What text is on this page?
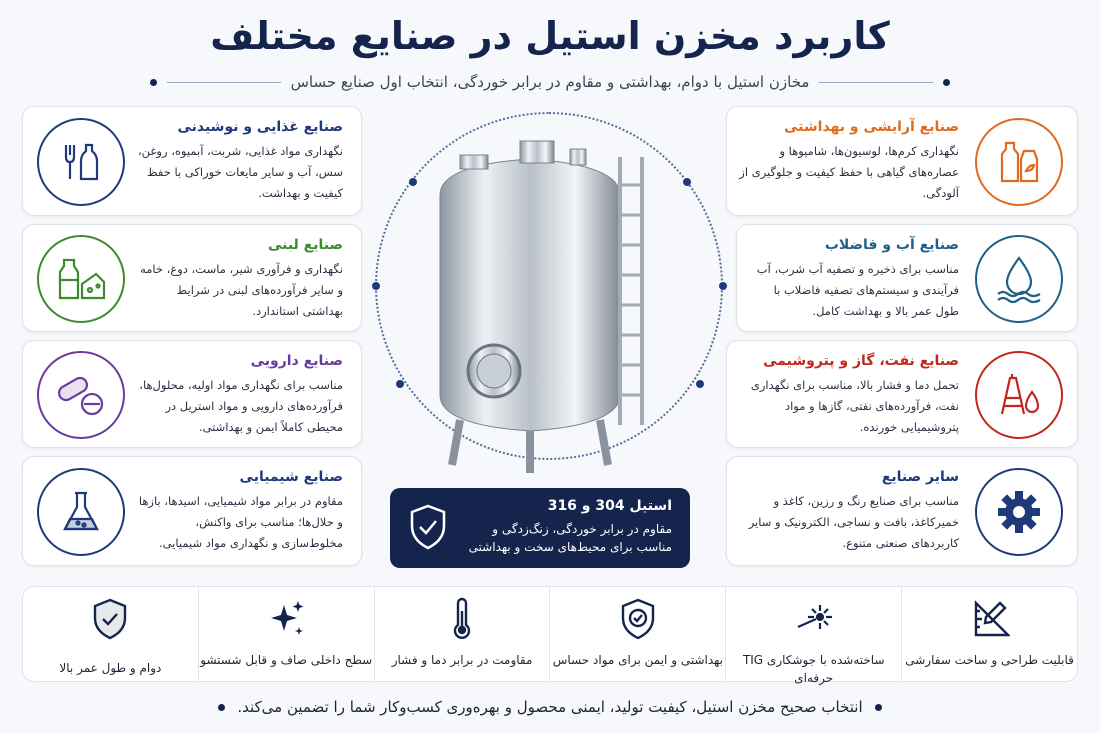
کاربرد مخزن استیل در صنایع مختلف
مخازن استیل با دوام، بهداشتی و مقاوم در برابر خوردگی، انتخاب اول صنایع حساس
صنایع غذایی و نوشیدنی
نگهداری مواد غذایی، شربت، آبمیوه، روغن، سس، آب و سایر مایعات خوراکی با حفظ کیفیت و بهداشت.
صنایع لبنی
نگهداری و فرآوری شیر، ماست، دوغ، خامه و سایر فرآورده‌های لبنی در شرایط بهداشتی استاندارد.
صنایع دارویی
مناسب برای نگهداری مواد اولیه، محلول‌ها، فرآورده‌های دارویی و مواد استریل در محیطی کاملاً ایمن و بهداشتی.
صنایع شیمیایی
مقاوم در برابر مواد شیمیایی، اسیدها، بازها و حلال‌ها؛ مناسب برای واکنش، مخلوط‌سازی و نگهداری مواد شیمیایی.
صنایع آرایشی و بهداشتی
نگهداری کرم‌ها، لوسیون‌ها، شامپوها و عصاره‌های گیاهی با حفظ کیفیت و جلوگیری از آلودگی.
صنایع آب و فاضلاب
مناسب برای ذخیره و تصفیه آب شرب، آب فرآیندی و سیستم‌های تصفیه فاضلاب با طول عمر بالا و بهداشت کامل.
صنایع نفت، گاز و پتروشیمی
تحمل دما و فشار بالا، مناسب برای نگهداری نفت، فرآورده‌های نفتی، گازها و مواد پتروشیمیایی خورنده.
سایر صنایع
مناسب برای صنایع رنگ و رزین، کاغذ و خمیرکاغذ، بافت و نساجی، الکترونیک و سایر کاربردهای صنعتی متنوع.
استیل 304 و 316
مقاوم در برابر خوردگی، زنگ‌زدگی و
مناسب برای محیط‌های سخت و بهداشتی
دوام و طول عمر بالا
سطح داخلی صاف و قابل شستشو مقاومت در برابر دما و فشار بهداشتی و ایمن برای مواد حساس	ساخته‌شده با جوشکاری TIG حرفه‌ای
قابلیت طراحی و ساخت سفارشی
انتخاب صحیح مخزن استیل، کیفیت تولید، ایمنی محصول و بهره‌وری کسب‌وکار شما را تضمین می‌کند.
